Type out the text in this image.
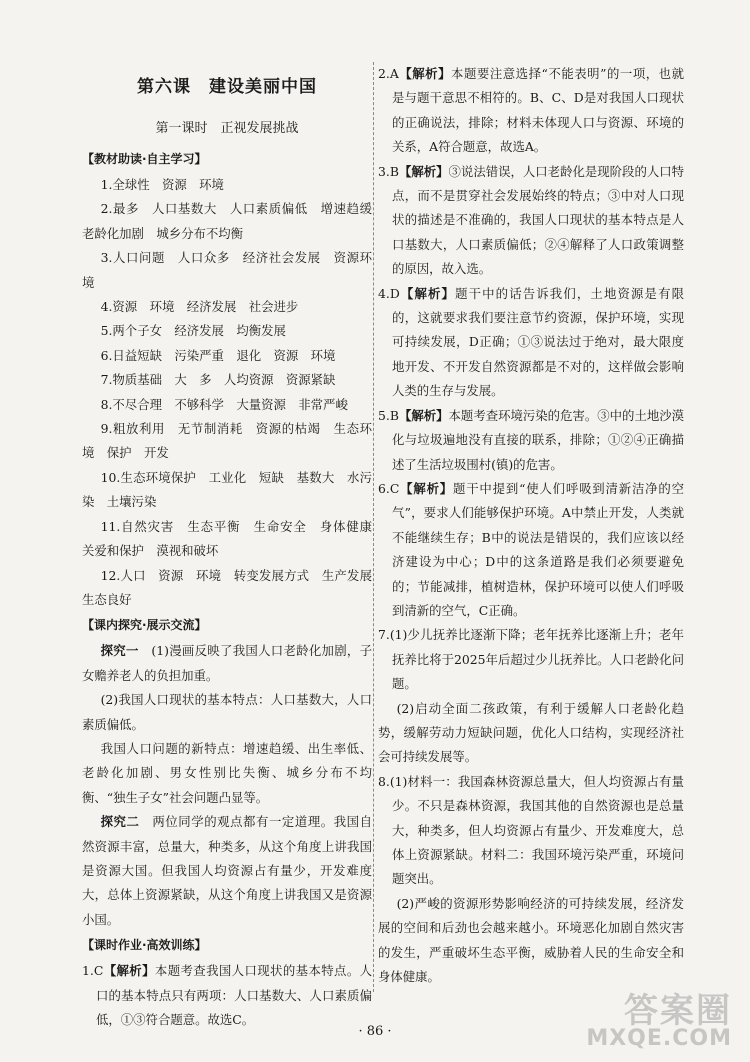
第六课　建设美丽中国
第一课时　正视发展挑战
【教材助读·自主学习】

1.全球性　资源　环境

2.最多　人口基数大　人口素质偏低　增速趋缓　老龄化加剧　城乡分布不均衡

3.人口问题　人口众多　经济社会发展　资源环境

4.资源　环境　经济发展　社会进步

5.两个子女　经济发展　均衡发展

6.日益短缺　污染严重　退化　资源　环境

7.物质基础　大　多　人均资源　资源紧缺

8.不尽合理　不够科学　大量资源　非常严峻

9.粗放利用　无节制消耗　资源的枯竭　生态环境　保护　开发

10.生态环境保护　工业化　短缺　基数大　水污染　土壤污染

11.自然灾害　生态平衡　生命安全　身体健康　关爱和保护　漠视和破坏

12.人口　资源　环境　转变发展方式　生产发展　生态良好

【课内探究·展示交流】

探究一　 (1)漫画反映了我国人口老龄化加剧，子女赡养老人的负担加重。

(2)我国人口现状的基本特点：人口基数大，人口素质偏低。

我国人口问题的新特点：增速趋缓、出生率低、老龄化加剧、男女性别比失衡、城乡分布不均衡、“独生子女”社会问题凸显等。

探究二　 两位同学的观点都有一定道理。我国自然资源丰富，总量大，种类多，从这个角度上讲我国是资源大国。但我国人均资源占有量少，开发难度大，总体上资源紧缺，从这个角度上讲我国又是资源小国。

【课时作业·高效训练】

1.C【解析】本题考查我国人口现状的基本特点。人口的基本特点只有两项：人口基数大、人口素质偏低，①③符合题意。故选C。

2.A【解析】本题要注意选择“不能表明”的一项，也就是与题干意思不相符的。B、C、D是对我国人口现状的正确说法，排除；材料未体现人口与资源、环境的关系，A符合题意，故选A。

3.B【解析】③说法错误，人口老龄化是现阶段的人口特点，而不是贯穿社会发展始终的特点；③中对人口现状的描述是不准确的，我国人口现状的基本特点是人口基数大，人口素质偏低；②④解释了人口政策调整的原因，故入选。

4.D【解析】题干中的话告诉我们，土地资源是有限的，这就要求我们要注意节约资源，保护环境，实现可持续发展，D正确；①③说法过于绝对，最大限度地开发、不开发自然资源都是不对的，这样做会影响人类的生存与发展。

5.B【解析】本题考查环境污染的危害。③中的土地沙漠化与垃圾遍地没有直接的联系，排除；①②④正确描述了生活垃圾围村(镇)的危害。

6.C【解析】题干中提到“使人们呼吸到清新洁净的空气”，要求人们能够保护环境。A中禁止开发，人类就不能继续生存；B中的说法是错误的，我们应该以经济建设为中心；D中的这条道路是我们必须要避免的；节能减排，植树造林，保护环境可以使人们呼吸到清新的空气，C正确。

7.(1)少儿抚养比逐渐下降；老年抚养比逐渐上升；老年抚养比将于2025年后超过少儿抚养比。人口老龄化问题。

(2)启动全面二孩政策，有利于缓解人口老龄化趋势，缓解劳动力短缺问题，优化人口结构，实现经济社会可持续发展等。

8.(1)材料一：我国森林资源总量大，但人均资源占有量少。不只是森林资源，我国其他的自然资源也是总量大，种类多，但人均资源占有量少、开发难度大，总体上资源紧缺。材料二：我国环境污染严重，环境问题突出。

(2)严峻的资源形势影响经济的可持续发展，经济发展的空间和后劲也会越来越小。环境恶化加剧自然灾害的发生，严重破坏生态平衡，威胁着人民的生命安全和身体健康。

· 86 ·
答案圈
MXQE.COM
